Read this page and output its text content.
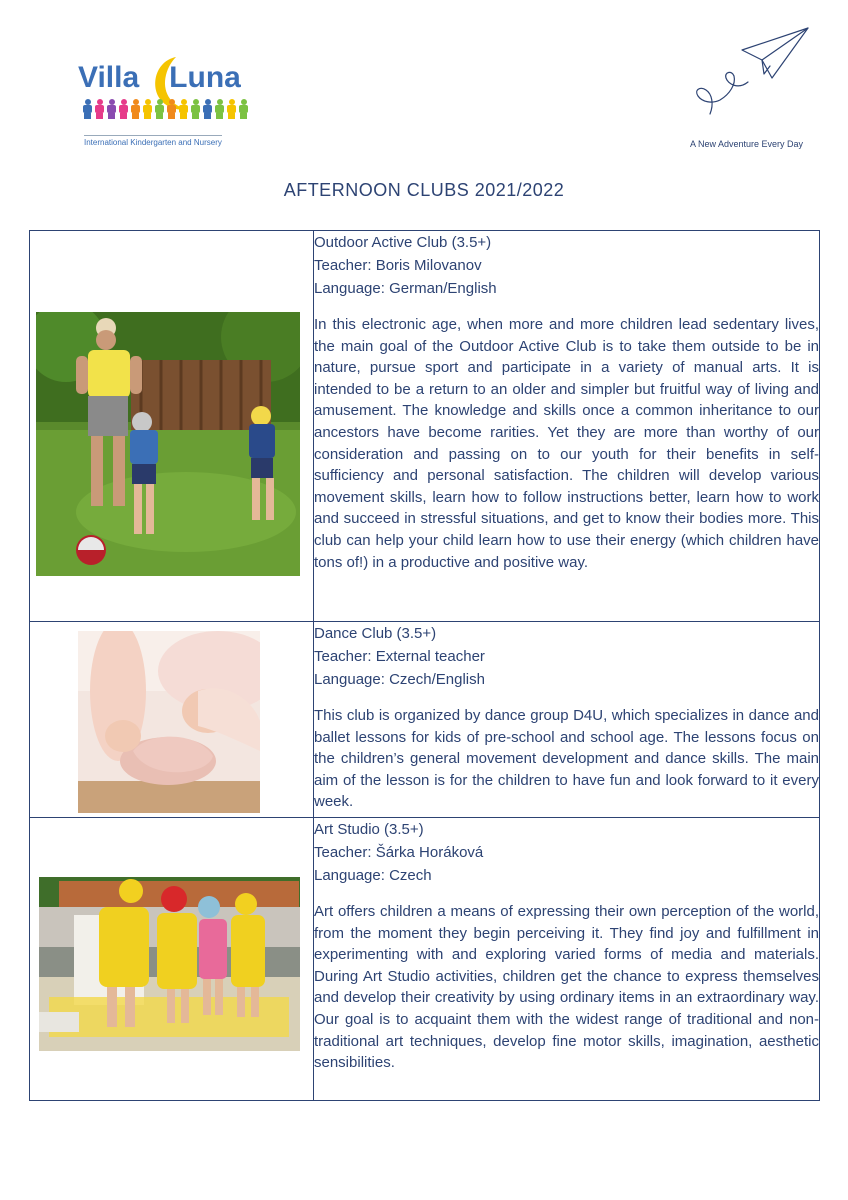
Villa Luna
International Kindergarten and Nursery	A New Adventure Every Day
AFTERNOON CLUBS 2021/2022

Outdoor Active Club (3.5+)
Teacher: Boris Milovanov
Language: German/English
In this electronic age, when more and more children lead sedentary lives, the main goal of the Outdoor Active Club is to take them outside to be in nature, pursue sport and participate in a variety of manual arts. It is intended to be a return to an older and simpler but fruitful way of living and amusement. The knowledge and skills once a common inheritance to our ancestors have become rarities. Yet they are more than worthy of our consideration and passing on to our youth for their benefits in self-sufficiency and personal satisfaction. The children will develop various movement skills, learn how to follow instructions better, learn how to work and succeed in stressful situations, and get to know their bodies more. This club can help your child learn how to use their energy (which children have tons of!) in a productive and positive way.

Dance Club (3.5+)
Teacher: External teacher
Language: Czech/English
This club is organized by dance group D4U, which specializes in dance and ballet lessons for kids of pre-school and school age. The lessons focus on the children’s general movement development and dance skills. The main aim of the lesson is for the children to have fun and look forward to it every week.

Art Studio (3.5+)
Teacher: Šárka Horáková
Language: Czech
Art offers children a means of expressing their own perception of the world, from the moment they begin perceiving it. They find joy and fulfillment in experimenting with and exploring varied forms of media and materials. During Art Studio activities, children get the chance to express themselves and develop their creativity by using ordinary items in an extraordinary way. Our goal is to acquaint them with the widest range of traditional and non-traditional art techniques, develop fine motor skills, imagination, aesthetic sensibilities.
